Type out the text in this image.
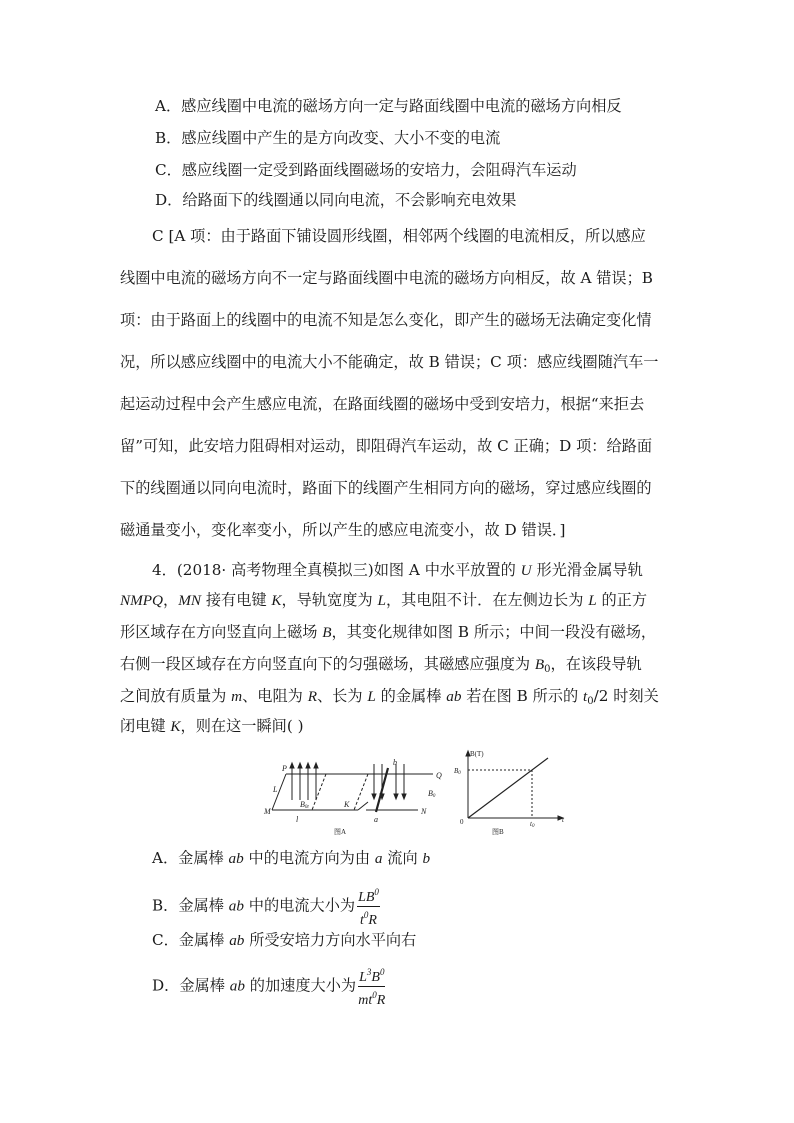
A．感应线圈中电流的磁场方向一定与路面线圈中电流的磁场方向相反
B．感应线圈中产生的是方向改变、大小不变的电流
C．感应线圈一定受到路面线圈磁场的安培力，会阻碍汽车运动
D．给路面下的线圈通以同向电流，不会影响充电效果
C [A 项：由于路面下铺设圆形线圈，相邻两个线圈的电流相反，所以感应
线圈中电流的磁场方向不一定与路面线圈中电流的磁场方向相反，故 A 错误；B
项：由于路面上的线圈中的电流不知是怎么变化，即产生的磁场无法确定变化情
况，所以感应线圈中的电流大小不能确定，故 B 错误；C 项：感应线圈随汽车一
起运动过程中会产生感应电流，在路面线圈的磁场中受到安培力，根据“来拒去
留”可知，此安培力阻碍相对运动，即阻碍汽车运动，故 C 正确；D 项：给路面
下的线圈通以同向电流时，路面下的线圈产生相同方向的磁场，穿过感应线圈的
磁通量变小，变化率变小，所以产生的感应电流变小，故 D 错误．]
4．(2018· 高考物理全真模拟三)如图 A 中水平放置的 U 形光滑金属导轨
NMPQ，MN 接有电键 K，导轨宽度为 L，其电阻不计．在左侧边长为 L 的正方
形区域存在方向竖直向上磁场 B，其变化规律如图 B 所示；中间一段没有磁场，
右侧一段区域存在方向竖直向下的匀强磁场，其磁感应强度为 $B_0$，在该段导轨
之间放有质量为 m、电阻为 R、长为 L 的金属棒 ab 若在图 B 所示的 $t_0/2$ 时刻关
闭电键 K，则在这一瞬间( )
P
Q
L
B0t	K
b
a
B0
M	N
l
图A
B(T)
B0
0	t0
t
图B
A．金属棒 ab 中的电流方向为由 a 流向 b
B．金属棒 ab 中的电流大小为 $\frac{LB^0}{t^0R}$
C．金属棒 ab 所受安培力方向水平向右
D．金属棒 ab 的加速度大小为 $\frac{L^3B^0}{mt^0R}$
